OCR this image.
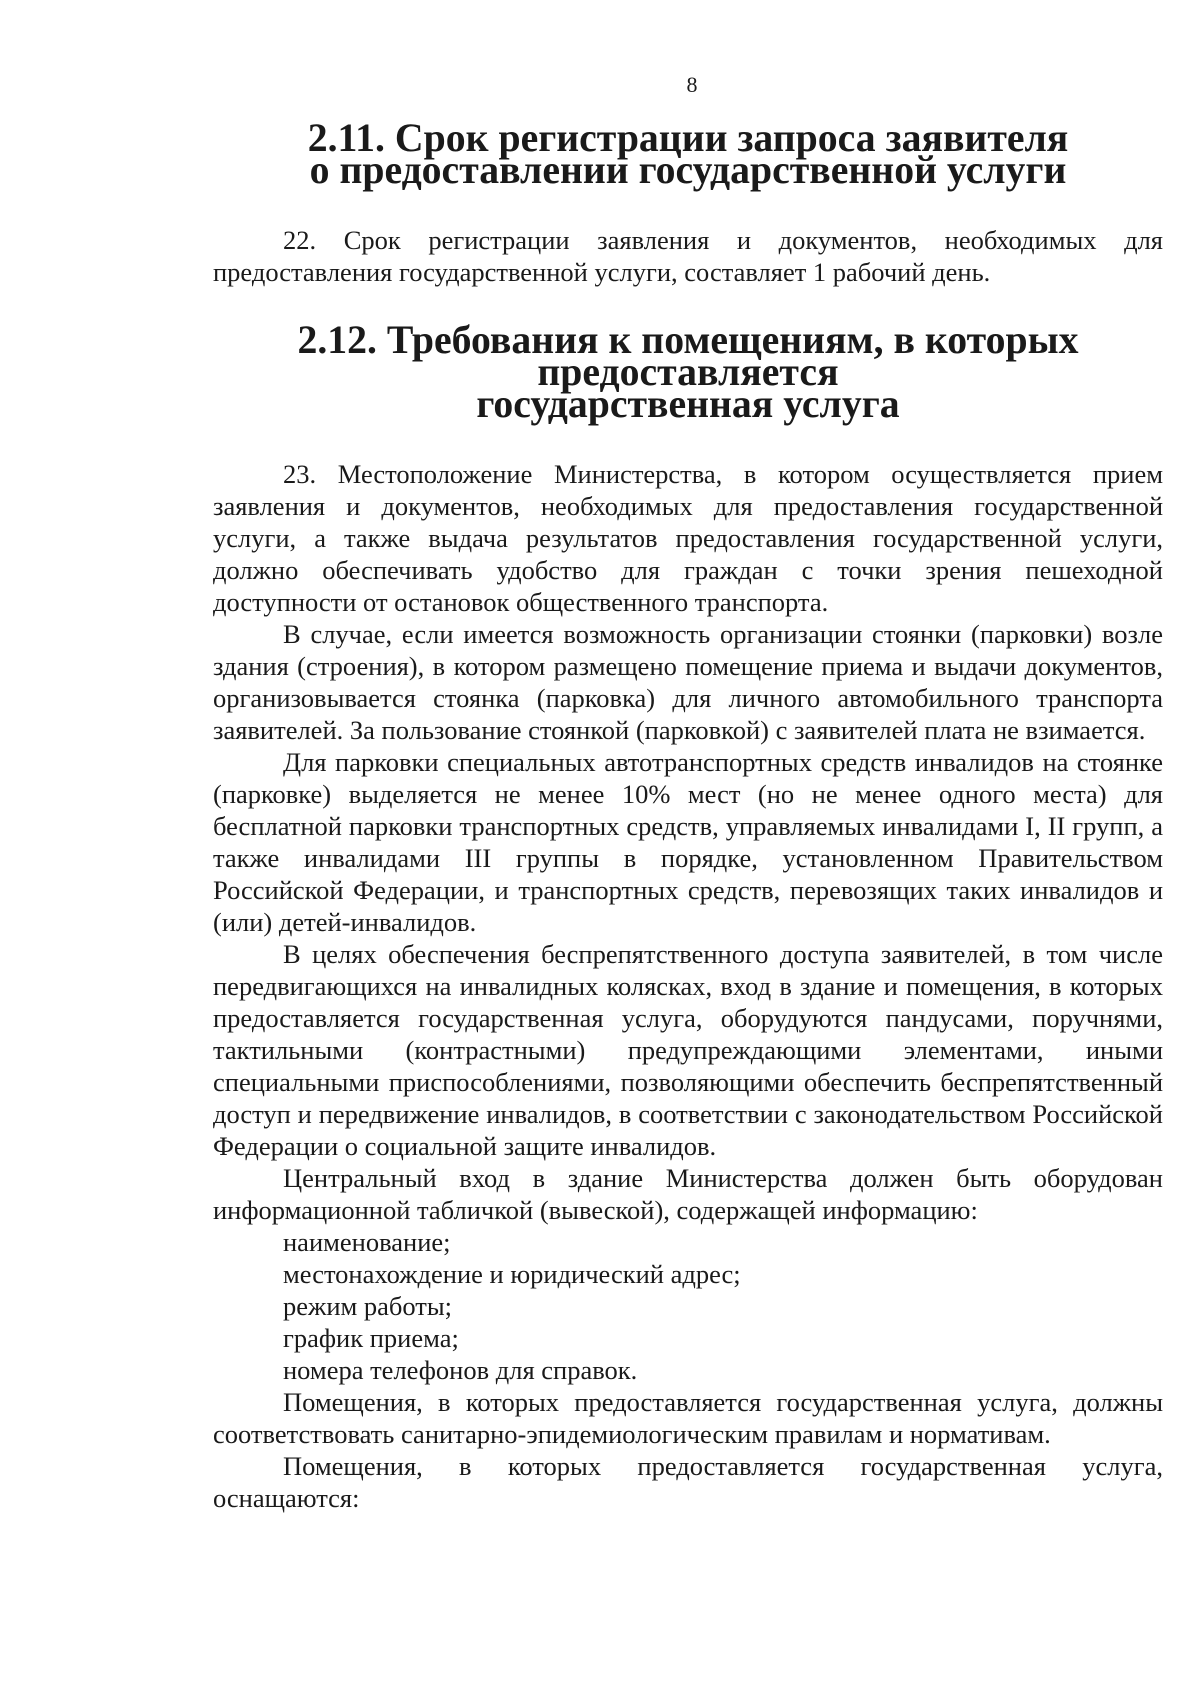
8
2.11. Срок регистрации запроса заявителя
о предоставлении государственной услуги

22. Срок регистрации заявления и документов, необходимых для предоставления государственной услуги, составляет 1 рабочий день.

2.12. Требования к помещениям, в которых предоставляется
государственная услуга

23. Местоположение Министерства, в котором осуществляется прием заявления и документов, необходимых для предоставления государственной услуги, а также выдача результатов предоставления государственной услуги, должно обеспечивать удобство для граждан с точки зрения пешеходной доступности от остановок общественного транспорта.

В случае, если имеется возможность организации стоянки (парковки) возле здания (строения), в котором размещено помещение приема и выдачи документов, организовывается стоянка (парковка) для личного автомобильного транспорта заявителей. За пользование стоянкой (парковкой) с заявителей плата не взимается.

Для парковки специальных автотранспортных средств инвалидов на стоянке (парковке) выделяется не менее 10% мест (но не менее одного места) для бесплатной парковки транспортных средств, управляемых инвалидами I, II групп, а также инвалидами III группы в порядке, установленном Правительством Российской Федерации, и транспортных средств, перевозящих таких инвалидов и (или) детей-инвалидов.

В целях обеспечения беспрепятственного доступа заявителей, в том числе передвигающихся на инвалидных колясках, вход в здание и помещения, в которых предоставляется государственная услуга, оборудуются пандусами, поручнями, тактильными (контрастными) предупреждающими элементами, иными специальными приспособлениями, позволяющими обеспечить беспрепятственный доступ и передвижение инвалидов, в соответствии с законодательством Российской Федерации о социальной защите инвалидов.

Центральный вход в здание Министерства должен быть оборудован информационной табличкой (вывеской), содержащей информацию:

наименование;

местонахождение и юридический адрес;

режим работы;

график приема;

номера телефонов для справок.

Помещения, в которых предоставляется государственная услуга, должны соответствовать санитарно-эпидемиологическим правилам и нормативам.

Помещения, в которых предоставляется государственная услуга, оснащаются:
